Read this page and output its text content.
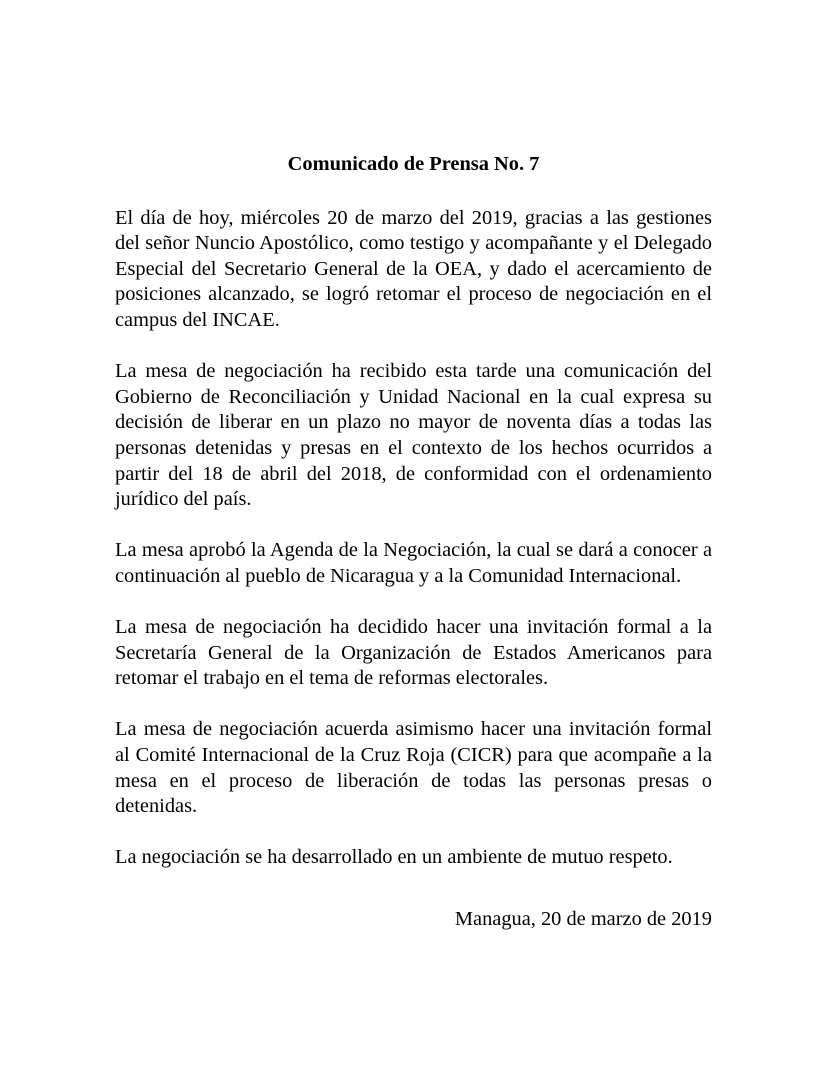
Comunicado de Prensa No. 7
El día de hoy, miércoles 20 de marzo del 2019, gracias a las gestiones del señor Nuncio Apostólico, como testigo y acompañante y el Delegado Especial del Secretario General de la OEA, y dado el acercamiento de posiciones alcanzado, se logró retomar el proceso de negociación en el campus del INCAE.
La mesa de negociación ha recibido esta tarde una comunicación del Gobierno de Reconciliación y Unidad Nacional en la cual expresa su decisión de liberar en un plazo no mayor de noventa días a todas las personas detenidas y presas en el contexto de los hechos ocurridos a partir del 18 de abril del 2018, de conformidad con el ordenamiento jurídico del país.
La mesa aprobó la Agenda de la Negociación, la cual se dará a conocer a continuación al pueblo de Nicaragua y a la Comunidad Internacional.
La mesa de negociación ha decidido hacer una invitación formal a la Secretaría General de la Organización de Estados Americanos para retomar el trabajo en el tema de reformas electorales.
La mesa de negociación acuerda asimismo hacer una invitación formal al Comité Internacional de la Cruz Roja (CICR) para que acompañe a la mesa en el proceso de liberación de todas las personas presas o detenidas.
La negociación se ha desarrollado en un ambiente de mutuo respeto.
Managua, 20 de marzo de 2019
